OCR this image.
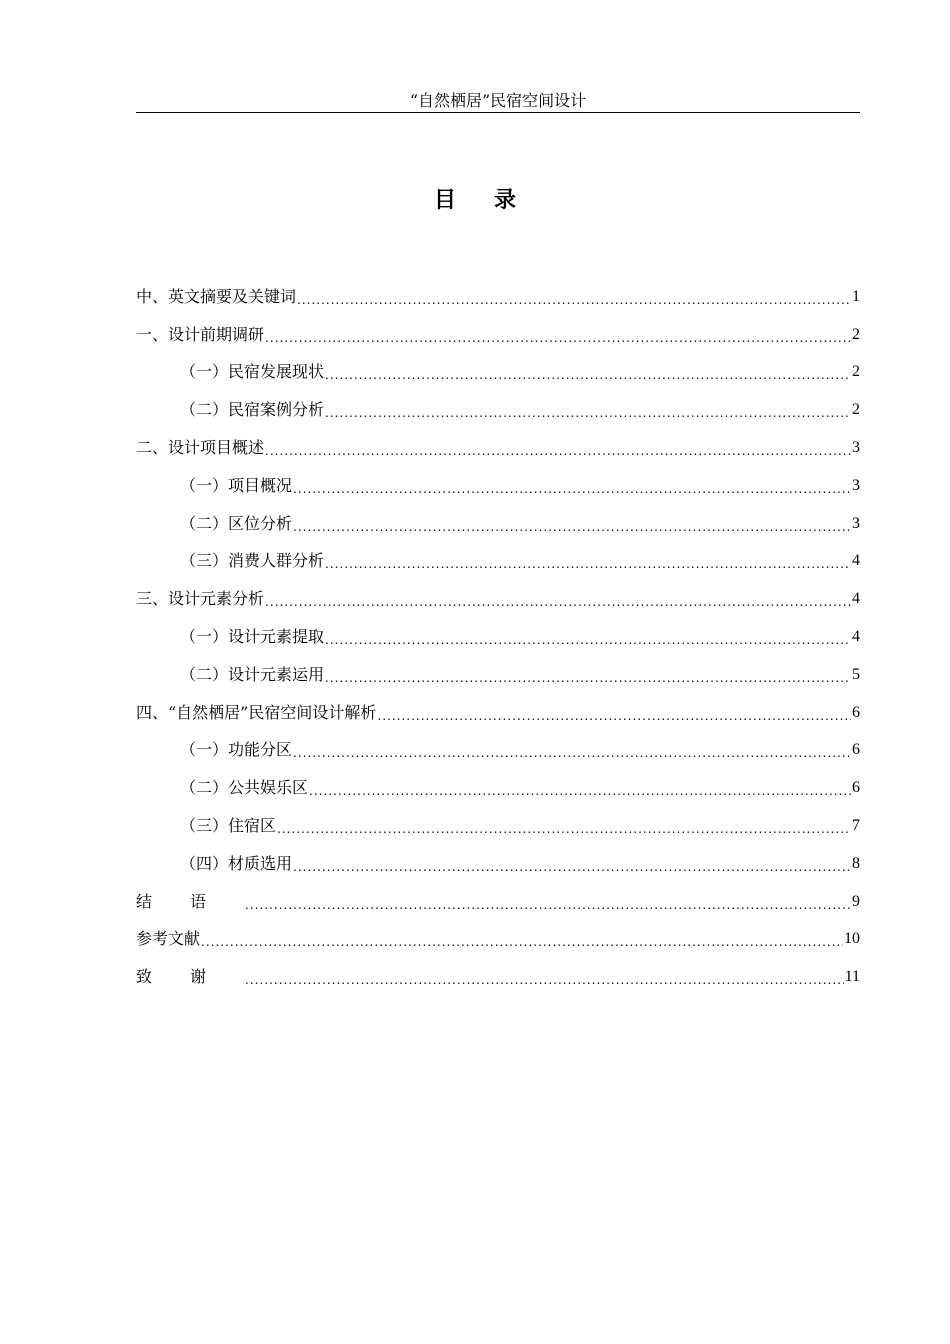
“自然栖居”民宿空间设计
目录
中、英文摘要及关键词 .....	1
一、设计前期调研 .....	2
（一）民宿发展现状 .....	2
（二）民宿案例分析 .....	2
二、设计项目概述 .....	3
（一）项目概况 .....	3
（二）区位分析 .....	3
（三）消费人群分析 .....	4
三、设计元素分析 .....	4
（一）设计元素提取 .....	4
（二）设计元素运用 .....	5
四、“自然栖居”民宿空间设计解析 .....	6
（一）功能分区 .....	6
（二）公共娱乐区 .....	6
（三）住宿区 .....	7
（四）材质选用 .....	8
结语 .....	9
参考文献 .....	10
致谢 .....	11
